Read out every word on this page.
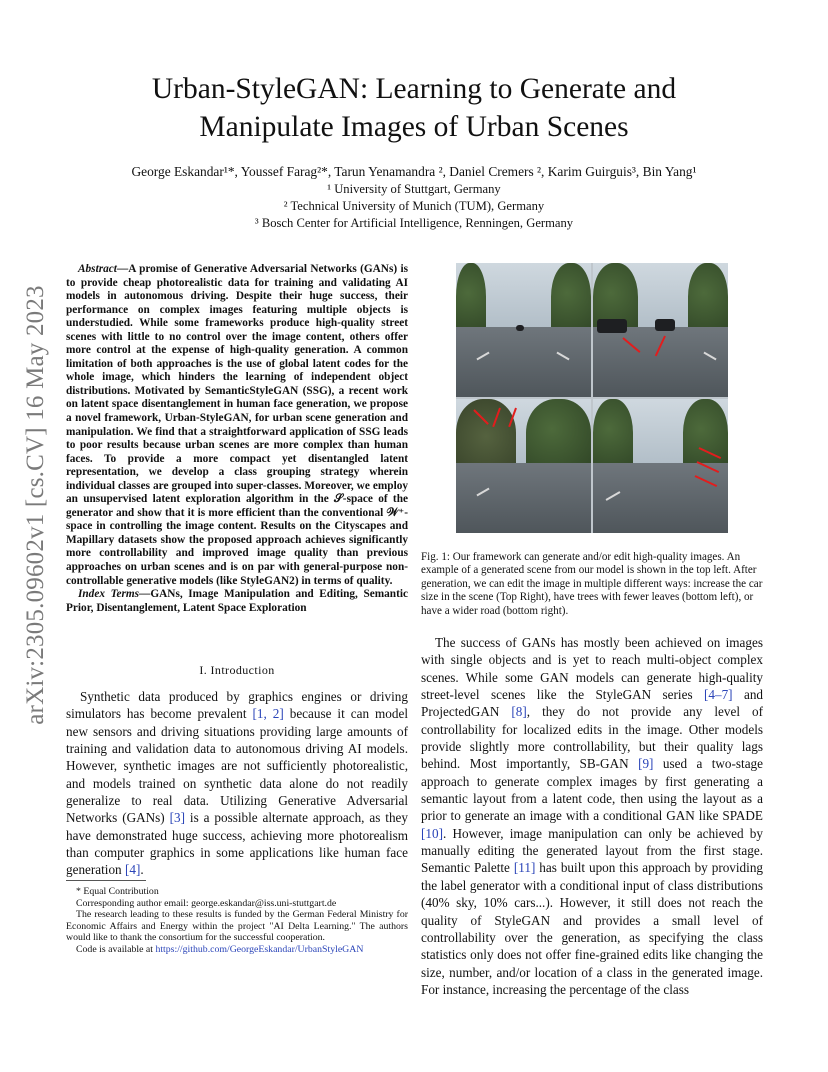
Urban-StyleGAN: Learning to Generate and
Manipulate Images of Urban Scenes
George Eskandar¹*, Youssef Farag²*, Tarun Yenamandra ², Daniel Cremers ², Karim Guirguis³, Bin Yang¹
¹ University of Stuttgart, Germany
² Technical University of Munich (TUM), Germany
³ Bosch Center for Artificial Intelligence, Renningen, Germany
arXiv:2305.09602v1 [cs.CV] 16 May 2023

Abstract—A promise of Generative Adversarial Networks (GANs) is to provide cheap photorealistic data for training and validating AI models in autonomous driving. Despite their huge success, their performance on complex images featuring multiple objects is understudied. While some frameworks produce high-quality street scenes with little to no control over the image content, others offer more control at the expense of high-quality generation. A common limitation of both approaches is the use of global latent codes for the whole image, which hinders the learning of independent object distributions. Motivated by SemanticStyleGAN (SSG), a recent work on latent space disentanglement in human face generation, we propose a novel framework, Urban-StyleGAN, for urban scene generation and manipulation. We find that a straightforward application of SSG leads to poor results because urban scenes are more complex than human faces. To provide a more compact yet disentangled latent representation, we develop a class grouping strategy wherein individual classes are grouped into super-classes. Moreover, we employ an unsupervised latent exploration algorithm in the 𝒮-space of the generator and show that it is more efficient than the conventional 𝒲⁺-space in controlling the image content. Results on the Cityscapes and Mapillary datasets show the proposed approach achieves significantly more controllability and improved image quality than previous approaches on urban scenes and is on par with general-purpose non-controllable generative models (like StyleGAN2) in terms of quality.

Index Terms—GANs, Image Manipulation and Editing, Semantic Prior, Disentanglement, Latent Space Exploration

I. Introduction

Synthetic data produced by graphics engines or driving simulators has become prevalent [1, 2] because it can model new sensors and driving situations providing large amounts of training and validation data to autonomous driving AI models. However, synthetic images are not sufficiently photorealistic, and models trained on synthetic data alone do not readily generalize to real data. Utilizing Generative Adversarial Networks (GANs) [3] is a possible alternate approach, as they have demonstrated huge success, achieving more photorealism than computer graphics in some applications like human face generation [4].

* Equal Contribution

Corresponding author email: george.eskandar@iss.uni-stuttgart.de

The research leading to these results is funded by the German Federal Ministry for Economic Affairs and Energy within the project "AI Delta Learning." The authors would like to thank the consortium for the successful cooperation.

Code is available at https://github.com/GeorgeEskandar/UrbanStyleGAN

Fig. 1: Our framework can generate and/or edit high-quality images. An example of a generated scene from our model is shown in the top left. After generation, we can edit the image in multiple different ways: increase the car size in the scene (Top Right), have trees with fewer leaves (bottom left), or have a wider road (bottom right).

The success of GANs has mostly been achieved on images with single objects and is yet to reach multi-object complex scenes. While some GAN models can generate high-quality street-level scenes like the StyleGAN series [4–7] and ProjectedGAN [8], they do not provide any level of controllability for localized edits in the image. Other models provide slightly more controllability, but their quality lags behind. Most importantly, SB-GAN [9] used a two-stage approach to generate complex images by first generating a semantic layout from a latent code, then using the layout as a prior to generate an image with a conditional GAN like SPADE [10]. However, image manipulation can only be achieved by manually editing the generated layout from the first stage. Semantic Palette [11] has built upon this approach by providing the label generator with a conditional input of class distributions (40% sky, 10% cars...). However, it still does not reach the quality of StyleGAN and provides a small level of controllability over the generation, as specifying the class statistics only does not offer fine-grained edits like changing the size, number, and/or location of a class in the generated image. For instance, increasing the percentage of the class
